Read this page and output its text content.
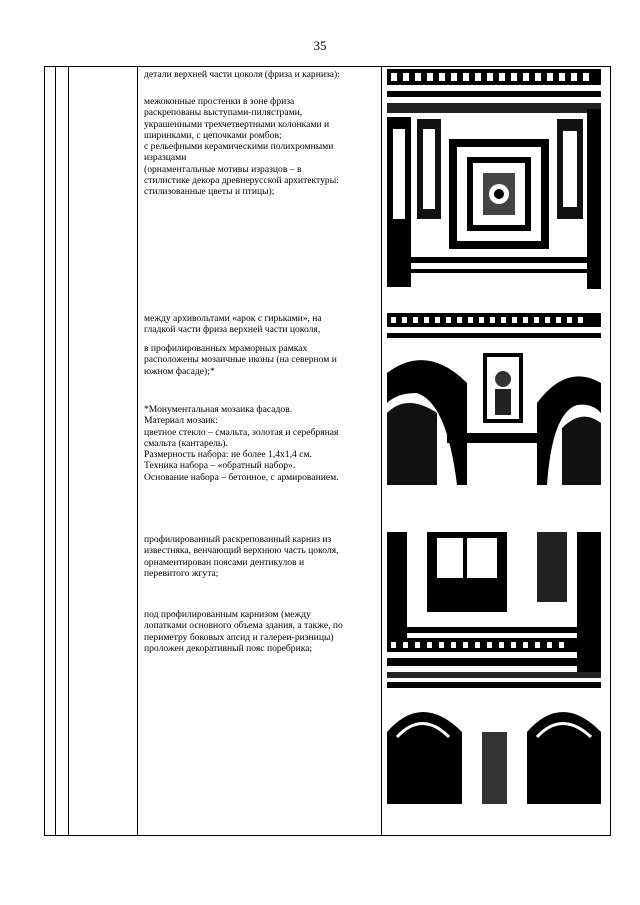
35

детали верхней части цоколя (фриза и карниза):

межоконные простенки в зоне фриза

раскрепованы выступами-пилястрами,

украшенными трехчетвертными колонками и

ширинками, с цепочками ромбов;

с рельефными керамическими полихромными

изразцами

(орнаментальные мотивы изразцов – в

стилистике декора древнерусской архитектуры:

стилизованные цветы и птицы);

между архивольтами «арок с гирьками», на

гладкой части фриза верхней части цоколя,

в профилированных мраморных рамках

расположены мозаичные иконы (на северном и

южном фасаде);*

*Монументальная мозаика фасадов.

Материал мозаик:

цветное стекло – смальта, золотая и серебряная

смальта (кантарель).

Размерность набора: не более 1,4х1,4 см.

Техника набора – «обратный набор».

Основание набора – бетонное, с армированием.

профилированный раскрепованный карниз из

известняка, венчающий верхнюю часть цоколя,

орнаментирован поясами дентикулов и

перевитого жгута;

под профилированным карнизом (между

лопатками основного объема здания, а также, по

периметру боковых апсид и галереи-ризницы)

проложен декоративный пояс поребрика;
